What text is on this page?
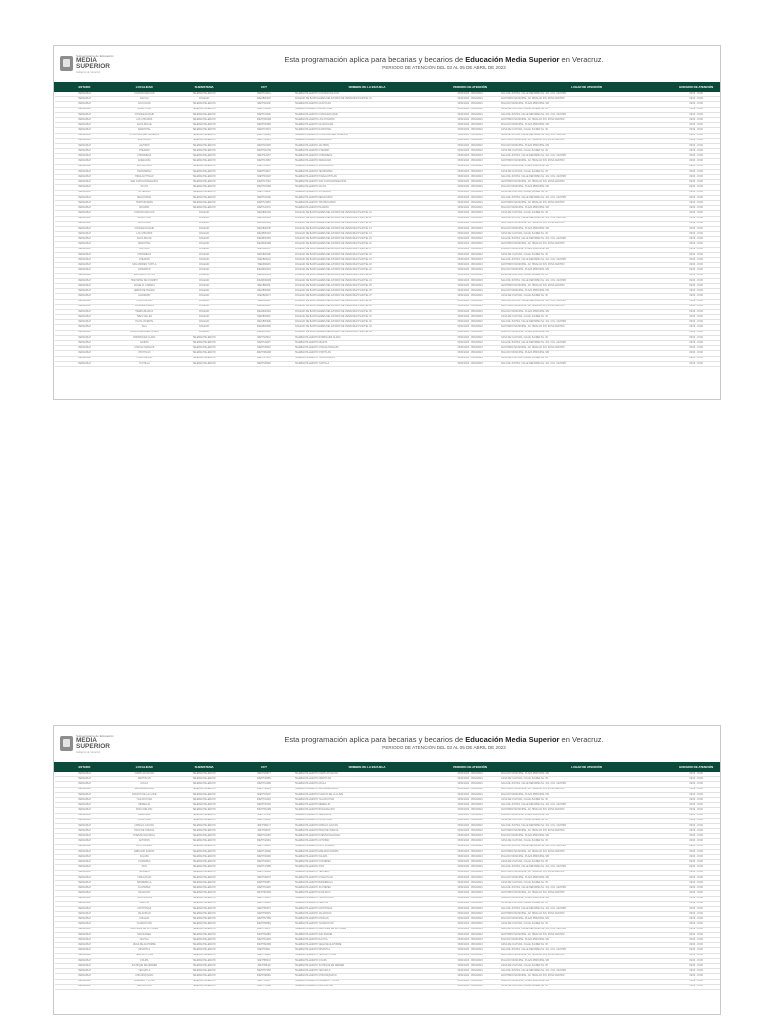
Subsecretaría de Educación
MEDIA
SUPERIOR
Gobierno de Veracruz
Esta programación aplica para becarias y becarios de Educación Media Superior en Veracruz.
PERIODO DE ATENCIÓN DEL 03 AL 05 DE ABRIL DE 2023
ESTADO	LOCALIDAD	SUBSISTEMA	CCT	NOMBRE DE LA ESCUELA	PERIODO DE ATENCIÓN	LUGAR DE ATENCIÓN	HORARIO DE ATENCIÓN
VERACRUZ	COATZACOALCOS	TELEBACHILLERATO	30ETH0101A	TELEBACHILLERATO COATZACOALCOS	03/04/2023 - 05/04/2023	SALA DE JUNTAS, CALLE REFORMA No. 101, COL. CENTRO	09:00 - 15:00
VERACRUZ	SAYULA	COLEGIO	30ECB0021P	COLEGIO DE BACHILLERES DEL ESTADO DE VERACRUZ PLANTEL 21	03/04/2023 - 05/04/2023	AUDITORIO MUNICIPAL, AV. HIDALGO S/N, ZONA CENTRO	09:00 - 15:00
VERACRUZ	ACAYUCAN	TELEBACHILLERATO	30ETH0214F	TELEBACHILLERATO ACAYUCAN	03/04/2023 - 05/04/2023	PALACIO MUNICIPAL, PLAZA PRINCIPAL S/N	09:00 - 15:00
VERACRUZ	MINATITLÁN	TELEBACHILLERATO	30ETH0305B	TELEBACHILLERATO MINATITLÁN	03/04/2023 - 05/04/2023	CASA DE CULTURA, CALLE JUÁREZ No. 45	09:00 - 15:00
VERACRUZ	COSOLEACAQUE	TELEBACHILLERATO	30ETH0410K	TELEBACHILLERATO COSOLEACAQUE	03/04/2023 - 05/04/2023	SALA DE JUNTAS, CALLE REFORMA No. 101, COL. CENTRO	09:00 - 15:00
VERACRUZ	LAS CHOAPAS	TELEBACHILLERATO	30ETH0522M	TELEBACHILLERATO LAS CHOAPAS	03/04/2023 - 05/04/2023	AUDITORIO MUNICIPAL, AV. HIDALGO S/N, ZONA CENTRO	09:00 - 15:00
VERACRUZ	AGUA DULCE	TELEBACHILLERATO	30ETH0618D	TELEBACHILLERATO AGUA DULCE	03/04/2023 - 05/04/2023	PALACIO MUNICIPAL, PLAZA PRINCIPAL S/N	09:00 - 15:00
VERACRUZ	NANCHITAL	TELEBACHILLERATO	30ETH0701S	TELEBACHILLERATO NANCHITAL	03/04/2023 - 05/04/2023	CASA DE CULTURA, CALLE JUÁREZ No. 45	09:00 - 15:00
VERACRUZ	IXHUATLÁN DEL SURESTE	TELEBACHILLERATO	30ETH0809Q	TELEBACHILLERATO IXHUATLÁN DEL SURESTE	03/04/2023 - 05/04/2023	SALA DE JUNTAS, CALLE REFORMA No. 101, COL. CENTRO	09:00 - 15:00
VERACRUZ	MOLOACÁN	TELEBACHILLERATO	30ETH0912N	TELEBACHILLERATO MOLOACÁN	03/04/2023 - 05/04/2023	AUDITORIO MUNICIPAL, AV. HIDALGO S/N, ZONA CENTRO	09:00 - 15:00
VERACRUZ	JÁLTIPAN	TELEBACHILLERATO	30ETH1003H	TELEBACHILLERATO JÁLTIPAN	03/04/2023 - 05/04/2023	PALACIO MUNICIPAL, PLAZA PRINCIPAL S/N	09:00 - 15:00
VERACRUZ	OTEAPAN	TELEBACHILLERATO	30ETH1107W	TELEBACHILLERATO OTEAPAN	03/04/2023 - 05/04/2023	CASA DE CULTURA, CALLE JUÁREZ No. 45	09:00 - 15:00
VERACRUZ	CHINAMECA	TELEBACHILLERATO	30ETH1215T	TELEBACHILLERATO CHINAMECA	03/04/2023 - 05/04/2023	SALA DE JUNTAS, CALLE REFORMA No. 101, COL. CENTRO	09:00 - 15:00
VERACRUZ	ZARAGOZA	TELEBACHILLERATO	30ETH1308C	TELEBACHILLERATO ZARAGOZA	03/04/2023 - 05/04/2023	AUDITORIO MUNICIPAL, AV. HIDALGO S/N, ZONA CENTRO	09:00 - 15:00
VERACRUZ	SOCONUSCO	TELEBACHILLERATO	30ETH1419V	TELEBACHILLERATO SOCONUSCO	03/04/2023 - 05/04/2023	PALACIO MUNICIPAL, PLAZA PRINCIPAL S/N	09:00 - 15:00
VERACRUZ	TEXISTEPEC	TELEBACHILLERATO	30ETH1502Y	TELEBACHILLERATO TEXISTEPEC	03/04/2023 - 05/04/2023	CASA DE CULTURA, CALLE JUÁREZ No. 45	09:00 - 15:00
VERACRUZ	HIDALGOTITLÁN	TELEBACHILLERATO	30ETH1611P	TELEBACHILLERATO HIDALGOTITLÁN	03/04/2023 - 05/04/2023	SALA DE JUNTAS, CALLE REFORMA No. 101, COL. CENTRO	09:00 - 15:00
VERACRUZ	SAN JUAN EVANGELISTA	TELEBACHILLERATO	30ETH1704G	TELEBACHILLERATO SAN JUAN EVANGELISTA	03/04/2023 - 05/04/2023	AUDITORIO MUNICIPAL, AV. HIDALGO S/N, ZONA CENTRO	09:00 - 15:00
VERACRUZ	OLUTA	TELEBACHILLERATO	30ETH1816R	TELEBACHILLERATO OLUTA	03/04/2023 - 05/04/2023	PALACIO MUNICIPAL, PLAZA PRINCIPAL S/N	09:00 - 15:00
VERACRUZ	SOTEAPAN	TELEBACHILLERATO	30ETH1920L	TELEBACHILLERATO SOTEAPAN	03/04/2023 - 05/04/2023	CASA DE CULTURA, CALLE JUÁREZ No. 45	09:00 - 15:00
VERACRUZ	MECAYAPAN	TELEBACHILLERATO	30ETH2013E	TELEBACHILLERATO MECAYAPAN	03/04/2023 - 05/04/2023	SALA DE JUNTAS, CALLE REFORMA No. 101, COL. CENTRO	09:00 - 15:00
VERACRUZ	TATAHUICAPAN	TELEBACHILLERATO	30ETH2106X	TELEBACHILLERATO TATAHUICAPAN	03/04/2023 - 05/04/2023	AUDITORIO MUNICIPAL, AV. HIDALGO S/N, ZONA CENTRO	09:00 - 15:00
VERACRUZ	PAJAPAN	TELEBACHILLERATO	30ETH2217A	TELEBACHILLERATO PAJAPAN	03/04/2023 - 05/04/2023	PALACIO MUNICIPAL, PLAZA PRINCIPAL S/N	09:00 - 15:00
VERACRUZ	COATZACOALCOS	COLEGIO	30ECB0010S	COLEGIO DE BACHILLERES DEL ESTADO DE VERACRUZ PLANTEL 10	03/04/2023 - 05/04/2023	CASA DE CULTURA, CALLE JUÁREZ No. 45	09:00 - 15:00
VERACRUZ	MINATITLÁN	COLEGIO	30ECB0011R	COLEGIO DE BACHILLERES DEL ESTADO DE VERACRUZ PLANTEL 11	03/04/2023 - 05/04/2023	SALA DE JUNTAS, CALLE REFORMA No. 101, COL. CENTRO	09:00 - 15:00
VERACRUZ	ACAYUCAN	COLEGIO	30ECB0012Q	COLEGIO DE BACHILLERES DEL ESTADO DE VERACRUZ PLANTEL 12	03/04/2023 - 05/04/2023	AUDITORIO MUNICIPAL, AV. HIDALGO S/N, ZONA CENTRO	09:00 - 15:00
VERACRUZ	COSOLEACAQUE	COLEGIO	30ECB0013P	COLEGIO DE BACHILLERES DEL ESTADO DE VERACRUZ PLANTEL 13	03/04/2023 - 05/04/2023	PALACIO MUNICIPAL, PLAZA PRINCIPAL S/N	09:00 - 15:00
VERACRUZ	LAS CHOAPAS	COLEGIO	30ECB0014O	COLEGIO DE BACHILLERES DEL ESTADO DE VERACRUZ PLANTEL 14	03/04/2023 - 05/04/2023	CASA DE CULTURA, CALLE JUÁREZ No. 45	09:00 - 15:00
VERACRUZ	AGUA DULCE	COLEGIO	30ECB0015N	COLEGIO DE BACHILLERES DEL ESTADO DE VERACRUZ PLANTEL 15	03/04/2023 - 05/04/2023	SALA DE JUNTAS, CALLE REFORMA No. 101, COL. CENTRO	09:00 - 15:00
VERACRUZ	NANCHITAL	COLEGIO	30ECB0016M	COLEGIO DE BACHILLERES DEL ESTADO DE VERACRUZ PLANTEL 16	03/04/2023 - 05/04/2023	AUDITORIO MUNICIPAL, AV. HIDALGO S/N, ZONA CENTRO	09:00 - 15:00
VERACRUZ	JÁLTIPAN	COLEGIO	30ECB0017L	COLEGIO DE BACHILLERES DEL ESTADO DE VERACRUZ PLANTEL 17	03/04/2023 - 05/04/2023	PALACIO MUNICIPAL, PLAZA PRINCIPAL S/N	09:00 - 15:00
VERACRUZ	CHINAMECA	COLEGIO	30ECB0018K	COLEGIO DE BACHILLERES DEL ESTADO DE VERACRUZ PLANTEL 18	03/04/2023 - 05/04/2023	CASA DE CULTURA, CALLE JUÁREZ No. 45	09:00 - 15:00
VERACRUZ	OTEAPAN	COLEGIO	30ECB0019J	COLEGIO DE BACHILLERES DEL ESTADO DE VERACRUZ PLANTEL 19	03/04/2023 - 05/04/2023	SALA DE JUNTAS, CALLE REFORMA No. 101, COL. CENTRO	09:00 - 15:00
VERACRUZ	SAN ANDRÉS TUXTLA	COLEGIO	30ECB0020I	COLEGIO DE BACHILLERES DEL ESTADO DE VERACRUZ PLANTEL 20	03/04/2023 - 05/04/2023	AUDITORIO MUNICIPAL, AV. HIDALGO S/N, ZONA CENTRO	09:00 - 15:00
VERACRUZ	CATEMACO	COLEGIO	30ECB0022O	COLEGIO DE BACHILLERES DEL ESTADO DE VERACRUZ PLANTEL 22	03/04/2023 - 05/04/2023	PALACIO MUNICIPAL, PLAZA PRINCIPAL S/N	09:00 - 15:00
VERACRUZ	SANTIAGO TUXTLA	COLEGIO	30ECB0023N	COLEGIO DE BACHILLERES DEL ESTADO DE VERACRUZ PLANTEL 23	03/04/2023 - 05/04/2023	CASA DE CULTURA, CALLE JUÁREZ No. 45	09:00 - 15:00
VERACRUZ	HUEYAPAN DE OCAMPO	COLEGIO	30ECB0024M	COLEGIO DE BACHILLERES DEL ESTADO DE VERACRUZ PLANTEL 24	03/04/2023 - 05/04/2023	SALA DE JUNTAS, CALLE REFORMA No. 101, COL. CENTRO	09:00 - 15:00
VERACRUZ	ÁNGEL R. CABADA	COLEGIO	30ECB0025L	COLEGIO DE BACHILLERES DEL ESTADO DE VERACRUZ PLANTEL 25	03/04/2023 - 05/04/2023	AUDITORIO MUNICIPAL, AV. HIDALGO S/N, ZONA CENTRO	09:00 - 15:00
VERACRUZ	LERDO DE TEJADA	COLEGIO	30ECB0026K	COLEGIO DE BACHILLERES DEL ESTADO DE VERACRUZ PLANTEL 26	03/04/2023 - 05/04/2023	PALACIO MUNICIPAL, PLAZA PRINCIPAL S/N	09:00 - 15:00
VERACRUZ	ALVARADO	COLEGIO	30ECB0027J	COLEGIO DE BACHILLERES DEL ESTADO DE VERACRUZ PLANTEL 27	03/04/2023 - 05/04/2023	CASA DE CULTURA, CALLE JUÁREZ No. 45	09:00 - 15:00
VERACRUZ	TLACOTALPAN	COLEGIO	30ECB0028I	COLEGIO DE BACHILLERES DEL ESTADO DE VERACRUZ PLANTEL 28	03/04/2023 - 05/04/2023	SALA DE JUNTAS, CALLE REFORMA No. 101, COL. CENTRO	09:00 - 15:00
VERACRUZ	COSAMALOAPAN	COLEGIO	30ECB0029H	COLEGIO DE BACHILLERES DEL ESTADO DE VERACRUZ PLANTEL 29	03/04/2023 - 05/04/2023	AUDITORIO MUNICIPAL, AV. HIDALGO S/N, ZONA CENTRO	09:00 - 15:00
VERACRUZ	TIERRA BLANCA	COLEGIO	30ECB0030G	COLEGIO DE BACHILLERES DEL ESTADO DE VERACRUZ PLANTEL 30	03/04/2023 - 05/04/2023	PALACIO MUNICIPAL, PLAZA PRINCIPAL S/N	09:00 - 15:00
VERACRUZ	TRES VALLES	COLEGIO	30ECB0031F	COLEGIO DE BACHILLERES DEL ESTADO DE VERACRUZ PLANTEL 31	03/04/2023 - 05/04/2023	CASA DE CULTURA, CALLE JUÁREZ No. 45	09:00 - 15:00
VERACRUZ	PLAYA VICENTE	COLEGIO	30ECB0032E	COLEGIO DE BACHILLERES DEL ESTADO DE VERACRUZ PLANTEL 32	03/04/2023 - 05/04/2023	SALA DE JUNTAS, CALLE REFORMA No. 101, COL. CENTRO	09:00 - 15:00
VERACRUZ	ISLA	COLEGIO	30ECB0033D	COLEGIO DE BACHILLERES DEL ESTADO DE VERACRUZ PLANTEL 33	03/04/2023 - 05/04/2023	AUDITORIO MUNICIPAL, AV. HIDALGO S/N, ZONA CENTRO	09:00 - 15:00
VERACRUZ	JUAN RODRÍGUEZ CLARA	COLEGIO	30ECB0034C	COLEGIO DE BACHILLERES DEL ESTADO DE VERACRUZ PLANTEL 34	03/04/2023 - 05/04/2023	PALACIO MUNICIPAL, PLAZA PRINCIPAL S/N	09:00 - 15:00
VERACRUZ	RODRÍGUEZ CLARA	TELEBACHILLERATO	30ETH2301Z	TELEBACHILLERATO RODRÍGUEZ CLARA	03/04/2023 - 05/04/2023	CASA DE CULTURA, CALLE JUÁREZ No. 45	09:00 - 15:00
VERACRUZ	AZUETA	TELEBACHILLERATO	30ETH2402Y	TELEBACHILLERATO AZUETA	03/04/2023 - 05/04/2023	SALA DE JUNTAS, CALLE REFORMA No. 101, COL. CENTRO	09:00 - 15:00
VERACRUZ	CHACALTIANGUIS	TELEBACHILLERATO	30ETH2503X	TELEBACHILLERATO CHACALTIANGUIS	03/04/2023 - 05/04/2023	AUDITORIO MUNICIPAL, AV. HIDALGO S/N, ZONA CENTRO	09:00 - 15:00
VERACRUZ	OTATITLÁN	TELEBACHILLERATO	30ETH2604W	TELEBACHILLERATO OTATITLÁN	03/04/2023 - 05/04/2023	PALACIO MUNICIPAL, PLAZA PRINCIPAL S/N	09:00 - 15:00
VERACRUZ	TLACOJALPAN	TELEBACHILLERATO	30ETH2705V	TELEBACHILLERATO TLACOJALPAN	03/04/2023 - 05/04/2023	CASA DE CULTURA, CALLE JUÁREZ No. 45	09:00 - 15:00
VERACRUZ	TUXTILLA	TELEBACHILLERATO	30ETH2806U	TELEBACHILLERATO TUXTILLA	03/04/2023 - 05/04/2023	SALA DE JUNTAS, CALLE REFORMA No. 101, COL. CENTRO	09:00 - 15:00
Subsecretaría de Educación
MEDIA
SUPERIOR
Gobierno de Veracruz
Esta programación aplica para becarias y becarios de Educación Media Superior en Veracruz.
PERIODO DE ATENCIÓN DEL 03 AL 05 DE ABRIL DE 2023
ESTADO	LOCALIDAD	SUBSISTEMA	CCT	NOMBRE DE LA ESCUELA	PERIODO DE ATENCIÓN	LUGAR DE ATENCIÓN	HORARIO DE ATENCIÓN
VERACRUZ	IXMATLAHUACAN	TELEBACHILLERATO	30ETH2907T	TELEBACHILLERATO IXMATLAHUACAN	03/04/2023 - 05/04/2023	PALACIO MUNICIPAL, PLAZA PRINCIPAL S/N	09:00 - 15:00
VERACRUZ	AMATITLÁN	TELEBACHILLERATO	30ETH3008S	TELEBACHILLERATO AMATITLÁN	03/04/2023 - 05/04/2023	CASA DE CULTURA, CALLE JUÁREZ No. 45	09:00 - 15:00
VERACRUZ	ACULA	TELEBACHILLERATO	30ETH3109R	TELEBACHILLERATO ACULA	03/04/2023 - 05/04/2023	SALA DE JUNTAS, CALLE REFORMA No. 101, COL. CENTRO	09:00 - 15:00
VERACRUZ	SALTABARRANCA	TELEBACHILLERATO	30ETH3210Q	TELEBACHILLERATO SALTABARRANCA	03/04/2023 - 05/04/2023	AUDITORIO MUNICIPAL, AV. HIDALGO S/N, ZONA CENTRO	09:00 - 15:00
VERACRUZ	IGNACIO DE LA LLAVE	TELEBACHILLERATO	30ETH3311P	TELEBACHILLERATO IGNACIO DE LA LLAVE	03/04/2023 - 05/04/2023	PALACIO MUNICIPAL, PLAZA PRINCIPAL S/N	09:00 - 15:00
VERACRUZ	TLALIXCOYAN	TELEBACHILLERATO	30ETH3412O	TELEBACHILLERATO TLALIXCOYAN	03/04/2023 - 05/04/2023	CASA DE CULTURA, CALLE JUÁREZ No. 45	09:00 - 15:00
VERACRUZ	MEDELLÍN	TELEBACHILLERATO	30ETH3513N	TELEBACHILLERATO MEDELLÍN	03/04/2023 - 05/04/2023	SALA DE JUNTAS, CALLE REFORMA No. 101, COL. CENTRO	09:00 - 15:00
VERACRUZ	BOCA DEL RÍO	TELEBACHILLERATO	30ETH3614M	TELEBACHILLERATO BOCA DEL RÍO	03/04/2023 - 05/04/2023	AUDITORIO MUNICIPAL, AV. HIDALGO S/N, ZONA CENTRO	09:00 - 15:00
VERACRUZ	VERACRUZ	TELEBACHILLERATO	30ETH3715L	TELEBACHILLERATO VERACRUZ	03/04/2023 - 05/04/2023	PALACIO MUNICIPAL, PLAZA PRINCIPAL S/N	09:00 - 15:00
VERACRUZ	LA ANTIGUA	TELEBACHILLERATO	30ETH3816K	TELEBACHILLERATO LA ANTIGUA	03/04/2023 - 05/04/2023	CASA DE CULTURA, CALLE JUÁREZ No. 45	09:00 - 15:00
VERACRUZ	ÚRSULO GALVÁN	TELEBACHILLERATO	30ETH3917J	TELEBACHILLERATO ÚRSULO GALVÁN	03/04/2023 - 05/04/2023	SALA DE JUNTAS, CALLE REFORMA No. 101, COL. CENTRO	09:00 - 15:00
VERACRUZ	PASO DE OVEJAS	TELEBACHILLERATO	30ETH4018I	TELEBACHILLERATO PASO DE OVEJAS	03/04/2023 - 05/04/2023	AUDITORIO MUNICIPAL, AV. HIDALGO S/N, ZONA CENTRO	09:00 - 15:00
VERACRUZ	PUENTE NACIONAL	TELEBACHILLERATO	30ETH4119H	TELEBACHILLERATO PUENTE NACIONAL	03/04/2023 - 05/04/2023	PALACIO MUNICIPAL, PLAZA PRINCIPAL S/N	09:00 - 15:00
VERACRUZ	ACTOPAN	TELEBACHILLERATO	30ETH4220G	TELEBACHILLERATO ACTOPAN	03/04/2023 - 05/04/2023	CASA DE CULTURA, CALLE JUÁREZ No. 45	09:00 - 15:00
VERACRUZ	ALTO LUCERO	TELEBACHILLERATO	30ETH4321F	TELEBACHILLERATO ALTO LUCERO	03/04/2023 - 05/04/2023	SALA DE JUNTAS, CALLE REFORMA No. 101, COL. CENTRO	09:00 - 15:00
VERACRUZ	EMILIANO ZAPATA	TELEBACHILLERATO	30ETH4422E	TELEBACHILLERATO EMILIANO ZAPATA	03/04/2023 - 05/04/2023	AUDITORIO MUNICIPAL, AV. HIDALGO S/N, ZONA CENTRO	09:00 - 15:00
VERACRUZ	XALAPA	TELEBACHILLERATO	30ETH4523D	TELEBACHILLERATO XALAPA	03/04/2023 - 05/04/2023	PALACIO MUNICIPAL, PLAZA PRINCIPAL S/N	09:00 - 15:00
VERACRUZ	COATEPEC	TELEBACHILLERATO	30ETH4624C	TELEBACHILLERATO COATEPEC	03/04/2023 - 05/04/2023	CASA DE CULTURA, CALLE JUÁREZ No. 45	09:00 - 15:00
VERACRUZ	XICO	TELEBACHILLERATO	30ETH4725B	TELEBACHILLERATO XICO	03/04/2023 - 05/04/2023	SALA DE JUNTAS, CALLE REFORMA No. 101, COL. CENTRO	09:00 - 15:00
VERACRUZ	TEOCELO	TELEBACHILLERATO	30ETH4826A	TELEBACHILLERATO TEOCELO	03/04/2023 - 05/04/2023	AUDITORIO MUNICIPAL, AV. HIDALGO S/N, ZONA CENTRO	09:00 - 15:00
VERACRUZ	COSAUTLÁN	TELEBACHILLERATO	30ETH4927Z	TELEBACHILLERATO COSAUTLÁN	03/04/2023 - 05/04/2023	PALACIO MUNICIPAL, PLAZA PRINCIPAL S/N	09:00 - 15:00
VERACRUZ	BANDERILLA	TELEBACHILLERATO	30ETH5028Y	TELEBACHILLERATO BANDERILLA	03/04/2023 - 05/04/2023	CASA DE CULTURA, CALLE JUÁREZ No. 45	09:00 - 15:00
VERACRUZ	JILOTEPEC	TELEBACHILLERATO	30ETH5129X	TELEBACHILLERATO JILOTEPEC	03/04/2023 - 05/04/2023	SALA DE JUNTAS, CALLE REFORMA No. 101, COL. CENTRO	09:00 - 15:00
VERACRUZ	NAOLINCO	TELEBACHILLERATO	30ETH5230W	TELEBACHILLERATO NAOLINCO	03/04/2023 - 05/04/2023	AUDITORIO MUNICIPAL, AV. HIDALGO S/N, ZONA CENTRO	09:00 - 15:00
VERACRUZ	TLACOLULAN	TELEBACHILLERATO	30ETH5331V	TELEBACHILLERATO TLACOLULAN	03/04/2023 - 05/04/2023	PALACIO MUNICIPAL, PLAZA PRINCIPAL S/N	09:00 - 15:00
VERACRUZ	PEROTE	TELEBACHILLERATO	30ETH5432U	TELEBACHILLERATO PEROTE	03/04/2023 - 05/04/2023	CASA DE CULTURA, CALLE JUÁREZ No. 45	09:00 - 15:00
VERACRUZ	ALTOTONGA	TELEBACHILLERATO	30ETH5533T	TELEBACHILLERATO ALTOTONGA	03/04/2023 - 05/04/2023	SALA DE JUNTAS, CALLE REFORMA No. 101, COL. CENTRO	09:00 - 15:00
VERACRUZ	JALACINGO	TELEBACHILLERATO	30ETH5634S	TELEBACHILLERATO JALACINGO	03/04/2023 - 05/04/2023	AUDITORIO MUNICIPAL, AV. HIDALGO S/N, ZONA CENTRO	09:00 - 15:00
VERACRUZ	ATZALAN	TELEBACHILLERATO	30ETH5735R	TELEBACHILLERATO ATZALAN	03/04/2023 - 05/04/2023	PALACIO MUNICIPAL, PLAZA PRINCIPAL S/N	09:00 - 15:00
VERACRUZ	TLAPACOYAN	TELEBACHILLERATO	30ETH5836Q	TELEBACHILLERATO TLAPACOYAN	03/04/2023 - 05/04/2023	CASA DE CULTURA, CALLE JUÁREZ No. 45	09:00 - 15:00
VERACRUZ	MARTÍNEZ DE LA TORRE	TELEBACHILLERATO	30ETH5937P	TELEBACHILLERATO MARTÍNEZ DE LA TORRE	03/04/2023 - 05/04/2023	SALA DE JUNTAS, CALLE REFORMA No. 101, COL. CENTRO	09:00 - 15:00
VERACRUZ	SAN RAFAEL	TELEBACHILLERATO	30ETH6038O	TELEBACHILLERATO SAN RAFAEL	03/04/2023 - 05/04/2023	AUDITORIO MUNICIPAL, AV. HIDALGO S/N, ZONA CENTRO	09:00 - 15:00
VERACRUZ	NAUTLA	TELEBACHILLERATO	30ETH6139N	TELEBACHILLERATO NAUTLA	03/04/2023 - 05/04/2023	PALACIO MUNICIPAL, PLAZA PRINCIPAL S/N	09:00 - 15:00
VERACRUZ	VEGA DE ALATORRE	TELEBACHILLERATO	30ETH6240M	TELEBACHILLERATO VEGA DE ALATORRE	03/04/2023 - 05/04/2023	CASA DE CULTURA, CALLE JUÁREZ No. 45	09:00 - 15:00
VERACRUZ	MISANTLA	TELEBACHILLERATO	30ETH6341L	TELEBACHILLERATO MISANTLA	03/04/2023 - 05/04/2023	SALA DE JUNTAS, CALLE REFORMA No. 101, COL. CENTRO	09:00 - 15:00
VERACRUZ	TENOCHTITLÁN	TELEBACHILLERATO	30ETH6442K	TELEBACHILLERATO TENOCHTITLÁN	03/04/2023 - 05/04/2023	AUDITORIO MUNICIPAL, AV. HIDALGO S/N, ZONA CENTRO	09:00 - 15:00
VERACRUZ	COLIPA	TELEBACHILLERATO	30ETH6543J	TELEBACHILLERATO COLIPA	03/04/2023 - 05/04/2023	PALACIO MUNICIPAL, PLAZA PRINCIPAL S/N	09:00 - 15:00
VERACRUZ	JUCHIQUE DE FERRER	TELEBACHILLERATO	30ETH6644I	TELEBACHILLERATO JUCHIQUE DE FERRER	03/04/2023 - 05/04/2023	CASA DE CULTURA, CALLE JUÁREZ No. 45	09:00 - 15:00
VERACRUZ	YECUATLA	TELEBACHILLERATO	30ETH6745H	TELEBACHILLERATO YECUATLA	03/04/2023 - 05/04/2023	SALA DE JUNTAS, CALLE REFORMA No. 101, COL. CENTRO	09:00 - 15:00
VERACRUZ	CHICONQUIACO	TELEBACHILLERATO	30ETH6846G	TELEBACHILLERATO CHICONQUIACO	03/04/2023 - 05/04/2023	AUDITORIO MUNICIPAL, AV. HIDALGO S/N, ZONA CENTRO	09:00 - 15:00
VERACRUZ	LANDERO Y COSS	TELEBACHILLERATO	30ETH6947F	TELEBACHILLERATO LANDERO Y COSS	03/04/2023 - 05/04/2023	PALACIO MUNICIPAL, PLAZA PRINCIPAL S/N	09:00 - 15:00
VERACRUZ	MIAHUATLÁN	TELEBACHILLERATO	30ETH7048E	TELEBACHILLERATO MIAHUATLÁN	03/04/2023 - 05/04/2023	CASA DE CULTURA, CALLE JUÁREZ No. 45	09:00 - 15:00
